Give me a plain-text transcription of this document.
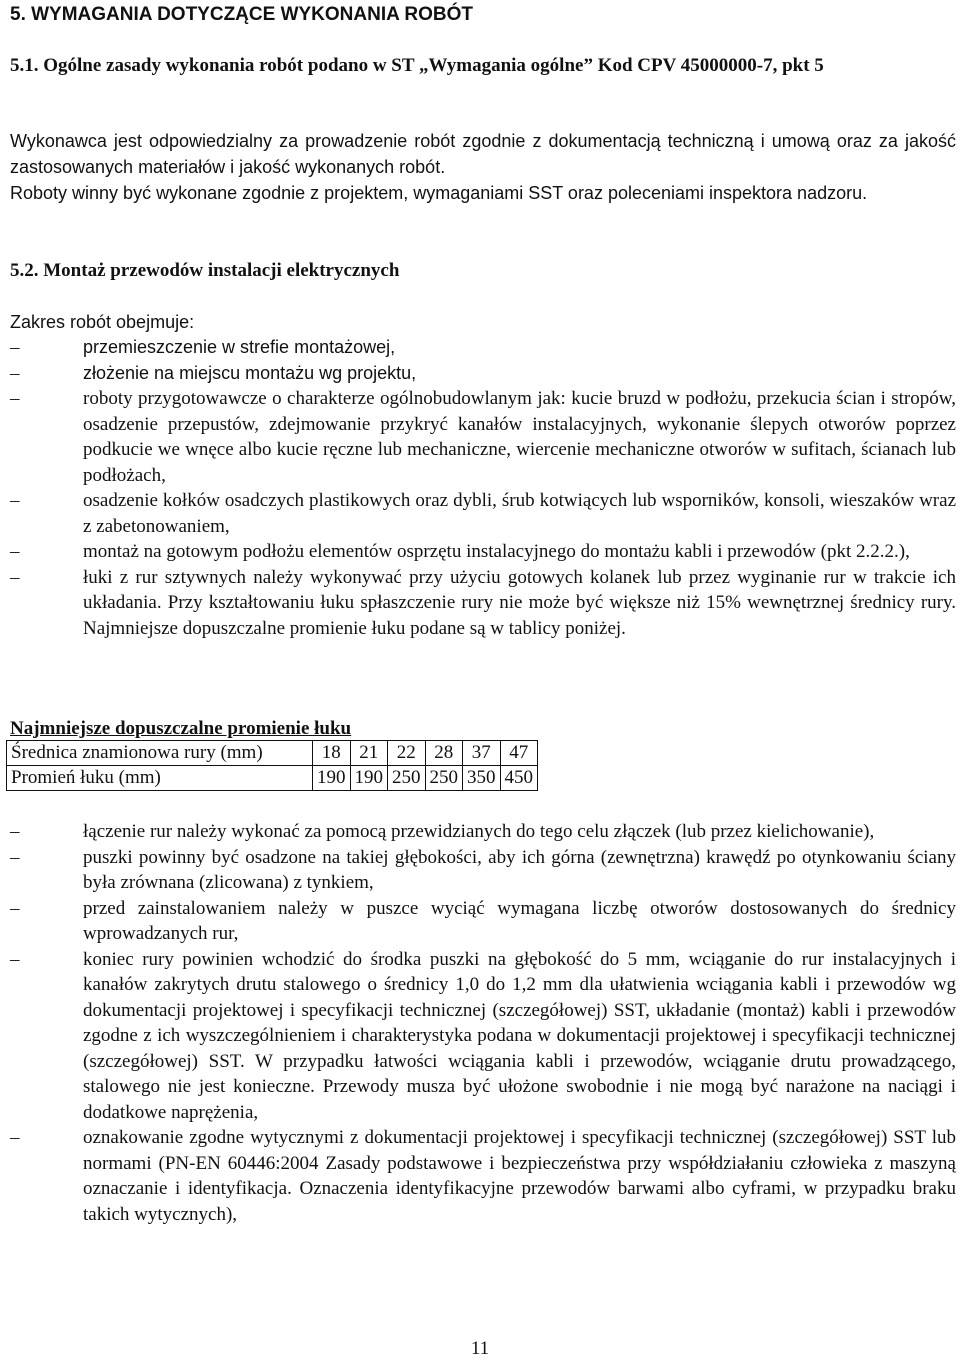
5. WYMAGANIA DOTYCZĄCE WYKONANIA ROBÓT
5.1. Ogólne zasady wykonania robót podano w ST „Wymagania ogólne” Kod CPV 45000000-7, pkt 5
Wykonawca jest odpowiedzialny za prowadzenie robót zgodnie z dokumentacją techniczną i umową oraz za jakość zastosowanych materiałów i jakość wykonanych robót.
Roboty winny być wykonane zgodnie z projektem, wymaganiami SST oraz poleceniami inspektora nadzoru.
5.2. Montaż przewodów instalacji elektrycznych
Zakres robót obejmuje:
–	przemieszczenie w strefie montażowej,
–	złożenie na miejscu montażu wg projektu,
–	roboty przygotowawcze o charakterze ogólnobudowlanym jak: kucie bruzd w podłożu, przekucia ścian i stropów, osadzenie przepustów, zdejmowanie przykryć kanałów instalacyjnych, wykonanie ślepych otworów poprzez podkucie we wnęce albo kucie ręczne lub mechaniczne, wiercenie mechaniczne otworów w sufitach, ścianach lub podłożach,
–	osadzenie kołków osadczych plastikowych oraz dybli, śrub kotwiących lub wsporników, konsoli, wieszaków wraz z zabetonowaniem,
–	montaż na gotowym podłożu elementów osprzętu instalacyjnego do montażu kabli i przewodów (pkt 2.2.2.),
–	łuki z rur sztywnych należy wykonywać przy użyciu gotowych kolanek lub przez wyginanie rur w trakcie ich układania. Przy kształtowaniu łuku spłaszczenie rury nie może być większe niż 15% wewnętrznej średnicy rury. Najmniejsze dopuszczalne promienie łuku podane są w tablicy poniżej.
Najmniejsze dopuszczalne promienie łuku
Średnica znamionowa rury (mm)	18	21	22	28	37	47
Promień łuku (mm)	190	190	250	250	350	450
–	łączenie rur należy wykonać za pomocą przewidzianych do tego celu złączek (lub przez kielichowanie),
–	puszki powinny być osadzone na takiej głębokości, aby ich górna (zewnętrzna) krawędź po otynkowaniu ściany była zrównana (zlicowana) z tynkiem,
–	przed zainstalowaniem należy w puszce wyciąć wymagana liczbę otworów dostosowanych do średnicy wprowadzanych rur,
–	koniec rury powinien wchodzić do środka puszki na głębokość do 5 mm, wciąganie do rur instalacyjnych i kanałów zakrytych drutu stalowego o średnicy 1,0 do 1,2 mm dla ułatwienia wciągania kabli i przewodów wg dokumentacji projektowej i specyfikacji technicznej (szczegółowej) SST, układanie (montaż) kabli i przewodów zgodne z ich wyszczególnieniem i charakterystyka podana w dokumentacji projektowej i specyfikacji technicznej (szczegółowej) SST. W przypadku łatwości wciągania kabli i przewodów, wciąganie drutu prowadzącego, stalowego nie jest konieczne. Przewody musza być ułożone swobodnie i nie mogą być narażone na naciągi i dodatkowe naprężenia,
–	oznakowanie zgodne wytycznymi z dokumentacji projektowej i specyfikacji technicznej (szczegółowej) SST lub normami (PN-EN 60446:2004 Zasady podstawowe i bezpieczeństwa przy współdziałaniu człowieka z maszyną oznaczanie i identyfikacja. Oznaczenia identyfikacyjne przewodów barwami albo cyframi, w przypadku braku takich wytycznych),
11
